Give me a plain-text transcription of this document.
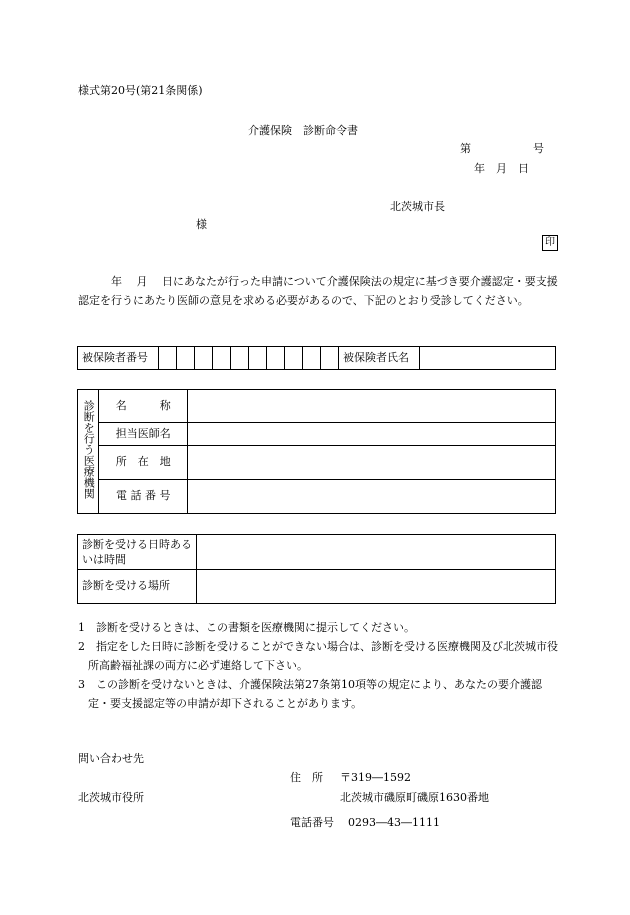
様式第20号(第21条関係)
介護保険　診断命令書
第	号
年　月　日
北茨城市長
様
印
　　　年　 月　 日にあなたが行った申請について介護保険法の規定に基づき要介護認定・要支援認定を行うにあたり医師の意見を求める必要があるので、下記のとおり受診してください。
被保険者番号											被保険者氏名	
診断を行う医療機関	名　　　称	
	担当医師名	
	所　在　地	
	電 話 番 号	
診断を受ける日時あるいは時間	
診断を受ける場所	
1　診断を受けるときは、この書類を医療機関に提示してください。
2　指定をした日時に診断を受けることができない場合は、診断を受ける医療機関及び北茨城市役所高齢福祉課の両方に必ず連絡して下さい。
3　この診断を受けないときは、介護保険法第27条第10項等の規定により、あなたの要介護認定・要支援認定等の申請が却下されることがあります。
問い合わせ先
住　所 〒319―1592
北茨城市役所	北茨城市磯原町磯原1630番地
電話番号 0293―43―1111
